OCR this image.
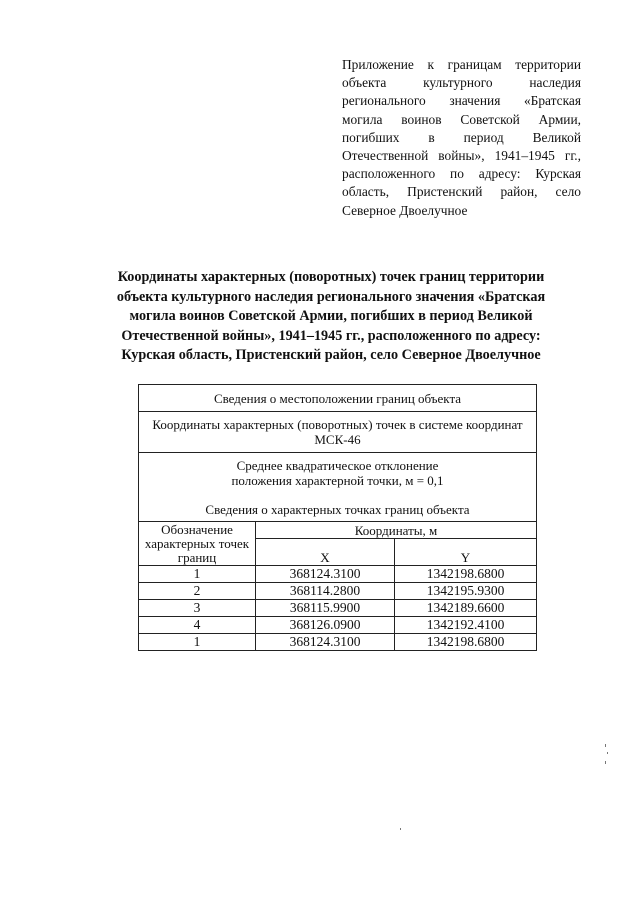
Приложение к границам территории объекта культурного наследия регионального значения «Братская могила воинов Советской Армии, погибших в период Великой Отечественной войны», 1941–1945 гг., расположенного по адресу: Курская область, Пристенский район, село Северное Двоелучное
Координаты характерных (поворотных) точек границ территории объекта культурного наследия регионального значения «Братская могила воинов Советской Армии, погибших в период Великой Отечественной войны», 1941–1945 гг., расположенного по адресу: Курская область, Пристенский район, село Северное Двоелучное
Сведения о местоположении границ объекта		
Координаты характерных (поворотных) точек в системе координат МСК-46		
Среднее квадратическое отклонение
положения характерной точки, м = 0,1
Сведения о характерных точках границ объекта		
Обозначение характерных точек границ	Координаты, м	
	X	Y
1	368124.3100	1342198.6800
2	368114.2800	1342195.9300
3	368115.9900	1342189.6600
4	368126.0900	1342192.4100
1	368124.3100	1342198.6800
